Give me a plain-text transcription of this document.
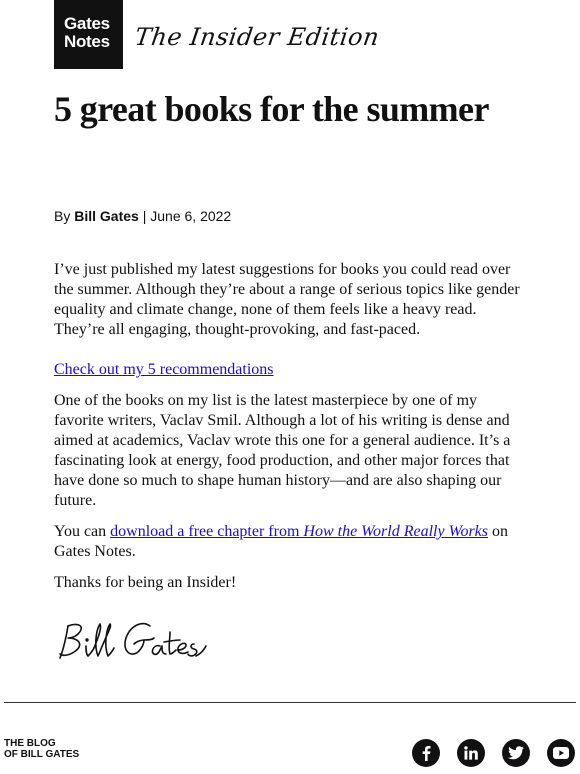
Gates
Notes The Insider Edition
5 great books for the summer
By Bill Gates | June 6, 2022

I’ve just published my latest suggestions for books you could read over the summer. Although they’re about a range of serious topics like gender equality and climate change, none of them feels like a heavy read. They’re all engaging, thought-provoking, and fast-paced.

Check out my 5 recommendations

One of the books on my list is the latest masterpiece by one of my favorite writers, Vaclav Smil. Although a lot of his writing is dense and aimed at academics, Vaclav wrote this one for a general audience. It’s a fascinating look at energy, food production, and other major forces that have done so much to shape human history—and are also shaping our future.

You can download a free chapter from How the World Really Works on Gates Notes.

Thanks for being an Insider!

THE BLOG
OF BILL GATES
